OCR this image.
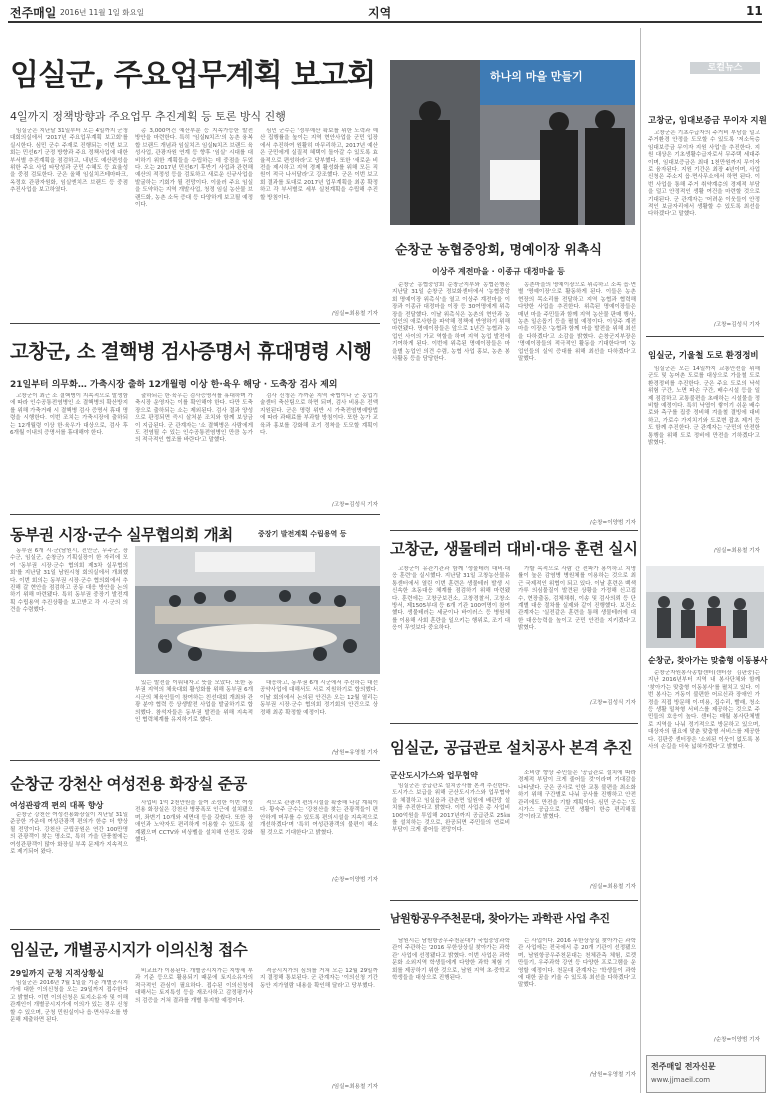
전주매일 2016년 11월 1일 화요일	지역	11
임실군, 주요업무계획 보고회
4일까지 정책방향과 주요업무 추진계획 등 토론 방식 진행

임실군은 지난달 31일부터 오는 4일까지 군청 대회의실에서 '2017년 주요업무계획 보고회'를 실시한다. 심민 군수 주재로 진행되는 이번 보고회는 민선6기 군정 방향과 주요 정책사업에 대한 부서별 추진계획을 점검하고, 내년도 예산편성을 위한 주요 사업 타당성과 군민 수혜도 등 효율성을 중점 검토한다. 군은 올해 임실치즈테마파크, 옥정호 관광자원화, 임실엔치즈 브랜드 등 중점 추진사업을 보고하였다.

총 3,000여건 예산부분 등 지속가능한 발전 방안을 마련한다. 특히 '임실N치즈'의 농촌 융복합 브랜드 개념과 임실치즈 임실N치즈 브랜드 육성사업, 관광자원 연계 등 향후 '임실' 시대를 대비하기 위한 계획들을 수립하는 데 중점을 두었다. 오는 2017년 민선6기 후반기 사업과 관련해 예산의 적정성 등을 검토하고 새로운 신규사업을 발굴하는 기회가 될 전망이다. 이울러 주요 임실을 도약하는 지역 개발사업, 청정 임실 농산물 브랜드화, 농촌 소득 증대 등 다양하게 보고될 예정이다.

심민 군수는 '정부예산 확보를 위한 노력과 예산 집행률을 높이는 지역 현안사업을 군민 입장에서 추진하여 원활히 마무리하고, 2017년 예산은 군민에게 실질적 혜택이 돌아갈 수 있도록 효율적으로 편성하라'고 당부했다. 또한 '새로운 비전을 제시하고 지역 경제 활성화를 위해 모든 직원이 적극 나서달라'고 강조했다. 군은 이번 보고회 결과를 토대로 2017년 업무계획을 최종 확정하고 각 부서별로 세부 실천계획을 수립해 추진할 방침이다.

/임실=최용철 기자
고창군, 소 결핵병 검사증명서 휴대명령 시행
21일부터 의무화… 가축시장 출하 12개월령 이상 한·육우 해당 · 도축장 검사 제외

고창군이 최근 소 결핵병이 지속적으로 발생함에 따라 인수공통전염병인 소 결핵병의 확산방지를 위해 가축거래 시 결핵병 검사 증명서 휴대 명령을 시행한다. 이번 조치는 가축시장에 출하되는 12개월령 이상 한·육우가 대상으로, 검사 후 6개월 이내의 증명서를 휴대해야 한다.

출하되는 한·육우는 검사증명서를 휴대하며 가축시장 운영자는 이를 확인해야 한다. 다만 도축장으로 출하되는 소는 제외된다. 검사 결과 양성으로 판정되면 즉시 살처분 조치와 함께 보상금이 지급된다. 군 관계자는 '소 결핵병은 사람에게도 전염될 수 있는 인수공통전염병인 만큼 농가의 적극적인 협조를 바란다'고 말했다.

검사 신청은 가까운 지역 축협이나 군 농업기술센터 축산팀으로 하면 되며, 검사 비용은 전액 지원된다. 군은 명령 위반 시 가축전염병예방법에 따라 과태료를 부과할 방침이다. 또한 농가 교육과 홍보를 강화해 조기 정착을 도모할 계획이다.

/고창=김성식 기자
동부권 시장·군수 실무협의회 개최	중장기 발전계획 수립용역 등

동부권 6개 시·군(남원시, 진안군, 무주군, 장수군, 임실군, 순창군) 기획실장이 한 자리에 모여 '동부권 시장·군수 협의회 제3차 실무협의회'를 지난달 31일 남원시청 회의실에서 개최했다. 이번 회의는 동부권 시장·군수 협의회에서 추진해 갈 현안을 점검하고 공동 대응 방안을 논의하기 위해 마련됐다. 특히 동부권 중장기 발전계획 수립용역 추진상황을 보고받고 각 시·군의 의견을 수렴했다.

있는 발전을 이뤄내자고 뜻을 모았다. 또한 동부권 지역의 체육대회 활성화를 위해 동부권 6개 시군의 체육인들이 참여하는 친선대회 개최와 관광 분야 협력 등 상생발전 사업을 발굴하기로 합의했다. 참석자들은 동부권 발전을 위해 지속적인 협력체계를 유지하기로 했다.

대응하고, 동부권 6개 시군에서 추진하는 대선 공약사업에 대해서도 서로 지원하기로 합의했다. 이날 회의에서 논의된 안건은 오는 12월 열리는 동부권 시장·군수 협의회 정기회의 안건으로 상정해 최종 확정할 예정이다.

/남원=유영철 기자
순창군 강천산 여성전용 화장실 준공
여성관광객 편의 대폭 향상

순창군 강천산 여성전용화장실이 지난달 31일 준공한 가운데 여성관광객 편의가 한층 더 향상될 전망이다. 강천산 군립공원은 연간 100만명의 관광객이 찾는 명소로, 특히 가을 단풍철에는 여성관광객이 많아 화장실 부족 문제가 지속적으로 제기되어 왔다.

사업비 1억 2천만원을 들여 조성한 이번 여성전용 화장실은 강천산 병풍폭포 인근에 설치됐으며, 좌변기 10개와 세면대 등을 갖췄다. 또한 장애인과 노약자도 편리하게 이용할 수 있도록 설계됐으며 CCTV와 비상벨을 설치해 안전도 강화했다.

적으로 관광객 편의시설을 확충해 나갈 계획이다. 황숙주 군수는 '강천산을 찾는 관광객들이 편안하게 머무를 수 있도록 편의시설을 지속적으로 개선하겠다'며 '특히 여성관광객의 불편이 해소될 것으로 기대한다'고 밝혔다.

/순창=이양범 기자
임실군, 개별공시지가 이의신청 접수
29일까지 군청 지적상황실

임실군은 2016년 7월 1일을 기준 개별공시지가에 대한 이의신청을 오는 29일까지 접수한다고 밝혔다. 이번 이의신청은 토지소유자 및 이해관계인이 개별공시지가에 이의가 있는 경우 신청할 수 있으며, 군청 민원실이나 읍·면사무소를 방문해 제출하면 된다.

비교표가 이용된다. 개별공시지가는 지방세 부과 기준 등으로 활용되기 때문에 토지소유자의 적극적인 관심이 필요하다. 접수된 이의신청에 대해서는 토지특성 등을 재조사하고 감정평가사의 검증을 거쳐 결과를 개별 통지할 예정이다.

격공시지가의 심의를 거쳐 오는 12월 29일까지 결정해 통보된다. 군 관계자는 '이의신청 기간 동안 지가열람 내용을 확인해 달라'고 당부했다.

/임실=최용철 기자
하나의 마을 만들기
순창군 농협중앙회, 명예이장 위촉식
이상주 계전마을 · 이종규 대정마을 등

순창군 농협중앙회 순창군지부와 농협은행은 지난달 31일 순창군 정보화센터에서 '농협중앙회 명예이장 위촉식'을 열고 이상주 계전마을 이장과 이종규 대정마을 이장 등 30여명에게 위촉장을 전달했다. 이날 위촉식은 농촌의 현안과 농업인의 애로사항을 파악해 정책에 반영하기 위해 마련됐다. 명예이장들은 앞으로 1년간 농협과 농업인 사이의 가교 역할을 하며 지역 농업 발전에 기여하게 된다. 이번에 위촉된 명예이장들은 마을별 농업인 의견 수렴, 농협 사업 홍보, 농촌 봉사활동 등을 담당한다.

농촌마을의 명예이장으로 위촉하고 소속 읍·면별 '명예이장'으로 활동하게 된다. 이들은 농촌 현장의 목소리를 전달하고 지역 농협과 협력해 다양한 사업을 추진한다. 위촉된 명예이장들은 매년 마을 주민들과 함께 지역 농산물 판매 행사, 농촌 일손돕기 등을 펼칠 예정이다. 이상주 계전마을 이장은 '농협과 함께 마을 발전을 위해 최선을 다하겠다'고 소감을 밝혔다. 순창군지부장은 '명예이장들의 적극적인 활동을 기대한다'며 '농업인들의 실익 증대를 위해 최선을 다하겠다'고 말했다.

/순창=이양범 기자
고창군, 생물테러 대비·대응 훈련 실시

고창군이 유관기관과 함께 '생물테러 대비·대응 훈련'을 실시했다. 지난달 31일 고창농산물유통센터에서 열린 이번 훈련은 생물테러 발생 시 신속한 초동대응 체계를 점검하기 위해 마련됐다. 훈련에는 고창군보건소, 고창경찰서, 고창소방서, 제1505부대 등 6개 기관 100여명이 참여했다. 생물테러는 세균이나 바이러스 등 병원체를 이용해 사회 혼란을 일으키는 행위로, 조기 대응이 무엇보다 중요하다.

가할 목적으로 사람 간 전파가 용이하고 치명률이 높은 감염병 병원체를 이용하는 것으로 최근 국제적인 위협이 되고 있다. 이날 훈련은 백색가루 의심물질이 발견된 상황을 가정해 신고접수, 현장출동, 검체채취, 이송 및 검사의뢰 등 단계별 대응 절차를 실제와 같이 진행했다. 보건소 관계자는 '실전같은 훈련을 통해 생물테러에 대한 대응능력을 높이고 군민 안전을 지키겠다'고 밝혔다.

/고창=김성식 기자
임실군, 공급관로 설치공사 본격 추진
군산도시가스와 업무협약

임실군은 공급관로 설치공사를 본격 추진한다. 도시가스 보급을 위해 군산도시가스와 업무협약을 체결하고 임실읍과 관촌면 일원에 배관망 설치를 추진한다고 밝혔다. 이번 사업은 총 사업비 100억원을 투입해 2017년까지 공급관로 25㎞를 설치하는 것으로, 완공되면 주민들의 연료비 부담이 크게 줄어들 전망이다.

소비량 향상 주민들은 '공급관로 설치에 따라 경제적 부담이 크게 줄어들 것'이라며 기대감을 나타냈다. 군은 공사로 인한 교통 불편을 최소화하기 위해 구간별로 나눠 공사를 진행하고 안전관리에도 만전을 기할 계획이다. 심민 군수는 '도시가스 공급으로 군민 생활이 한층 편리해질 것'이라고 밝혔다.

/임실=최용철 기자
남원항공우주천문대, 찾아가는 과학관 사업 추진

남원시는 남원항공우주천문대가 국립중앙과학관이 주관하는 '2016 무한상상실 찾아가는 과학관' 사업에 선정됐다고 밝혔다. 이번 사업은 과학 문화 소외지역 학생들에게 다양한 과학 체험 기회를 제공하기 위한 것으로, 남원 지역 초·중학교 학생들을 대상으로 진행된다.

는 사업이다. 2016 무한상상실 찾아가는 과학관 사업에는 전국에서 총 20개 기관이 선정됐으며, 남원항공우주천문대는 천체관측 체험, 로켓 만들기, 우주과학 강연 등 다양한 프로그램을 운영할 예정이다. 천문대 관계자는 '학생들이 과학에 대한 꿈을 키울 수 있도록 최선을 다하겠다'고 말했다.

/남원=유영철 기자
로컬뉴스
고창군, 임대보증금 무이자 지원

고창군은 기초수급자의 주거비 부담을 덜고 주거환경 안정을 도모할 수 있도록 '저소득층 임대보증금 무이자 지원 사업'을 추진한다. 지원 대상은 기초생활수급자로서 무주택 세대주이며, 임대보증금은 최대 1천만원까지 무이자로 융자된다. 지원 기간은 최장 4년이며, 사업 신청은 주소지 읍·면사무소에서 하면 된다. 이번 사업을 통해 주거 취약계층의 경제적 부담을 덜고 안정적인 생활 여건을 마련할 것으로 기대된다. 군 관계자는 '어려운 이웃들이 안정적인 보금자리에서 생활할 수 있도록 최선을 다하겠다'고 말했다.

/고창=김성식 기자
임실군, 기울철 도로 환경정비

임실군은 오는 14일까지 교통안전을 위해 군도 및 농어촌 도로를 대상으로 가을철 도로 환경정비를 추진한다. 군은 주요 도로의 낙석 위험 구간, 노면 파손 구간, 배수시설 등을 일제 점검하고 교통불편을 초래하는 시설물을 정비할 예정이다. 특히 낙엽이 쌓이기 쉬운 배수로와 측구를 집중 정비해 겨울철 결빙에 대비하고, 가로수 가지치기와 도로변 잡초 제거 등도 함께 추진한다. 군 관계자는 '군민의 안전한 통행을 위해 도로 정비에 만전을 기하겠다'고 밝혔다.

/임실=최용철 기자
순창군, 찾아가는 맞춤형 이동봉사

순창군자원봉사종합센터(센터장 김판중)는 지난 2016년부터 지역 내 봉사단체와 함께 '찾아가는 맞춤형 이동봉사'를 펼치고 있다. 이번 봉사는 거동이 불편한 어르신과 장애인 가정을 직접 방문해 이·미용, 집수리, 빨래, 청소 등 생활 밀착형 서비스를 제공하는 것으로 주민들의 호응이 높다. 센터는 매월 봉사단체별로 지역을 나눠 정기적으로 방문하고 있으며, 대상자의 필요에 맞춘 맞춤형 서비스를 제공한다. 김판중 센터장은 '소외된 이웃이 없도록 봉사의 손길을 더욱 넓혀가겠다'고 밝혔다.

/순창=이양범 기자
전주매일 전자신문
www.jjmaeil.com
